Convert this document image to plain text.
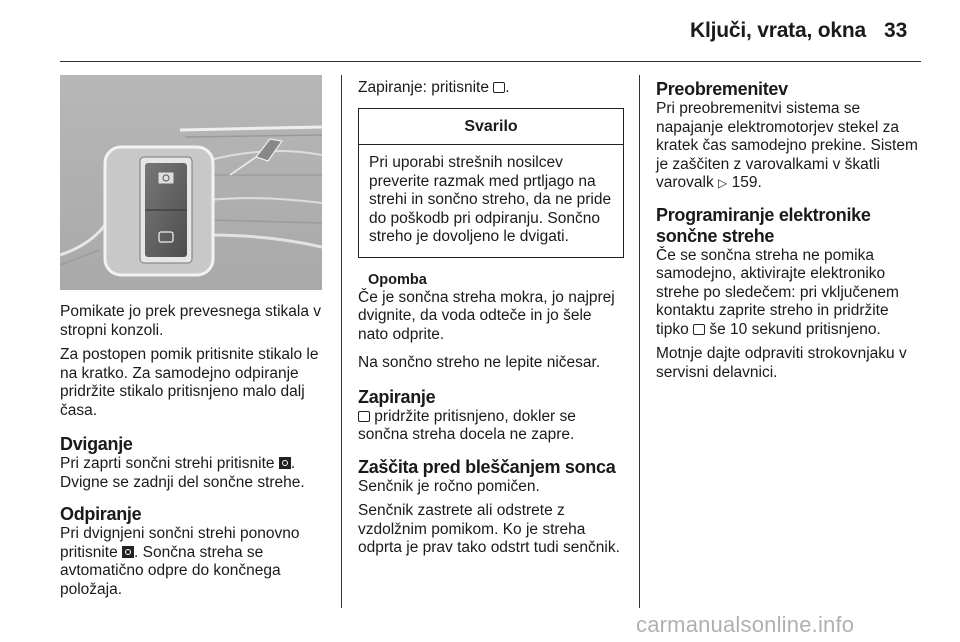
Ključi, vrata, okna 33

Pomikate jo prek prevesnega stikala v stropni konzoli.

Za postopen pomik pritisnite stikalo le na kratko. Za samodejno odpiranje pridržite stikalo pritisnjeno malo dalj časa.

Dviganje

Pri zaprti sončni strehi pritisnite . Dvigne se zadnji del sončne strehe.

Odpiranje

Pri dvignjeni sončni strehi ponovno pritisnite . Sončna streha se avtomatično odpre do končnega položaja.

Zapiranje: pritisnite .

Svarilo
Pri uporabi strešnih nosilcev preverite razmak med prtljago na strehi in sončno streho, da ne pride do poškodb pri odpiranju. Sončno streho je dovoljeno le dvigati.
Opomba

Če je sončna streha mokra, jo najprej dvignite, da voda odteče in jo šele nato odprite.

Na sončno streho ne lepite ničesar.

Zapiranje

pridržite pritisnjeno, dokler se sončna streha docela ne zapre.

Zaščita pred bleščanjem sonca

Senčnik je ročno pomičen.

Senčnik zastrete ali odstrete z vzdolžnim pomikom. Ko je streha odprta je prav tako odstrt tudi senčnik.

Preobremenitev

Pri preobremenitvi sistema se napajanje elektromotorjev stekel za kratek čas samodejno prekine. Sistem je zaščiten z varovalkami v škatli varovalk ▷ 159.

Programiranje elektronike sončne strehe

Če se sončna streha ne pomika samodejno, aktivirajte elektroniko strehe po sledečem: pri vključenem kontaktu zaprite streho in pridržite tipko  še 10 sekund pritisnjeno.

Motnje dajte odpraviti strokovnjaku v servisni delavnici.

carmanualsonline.info
